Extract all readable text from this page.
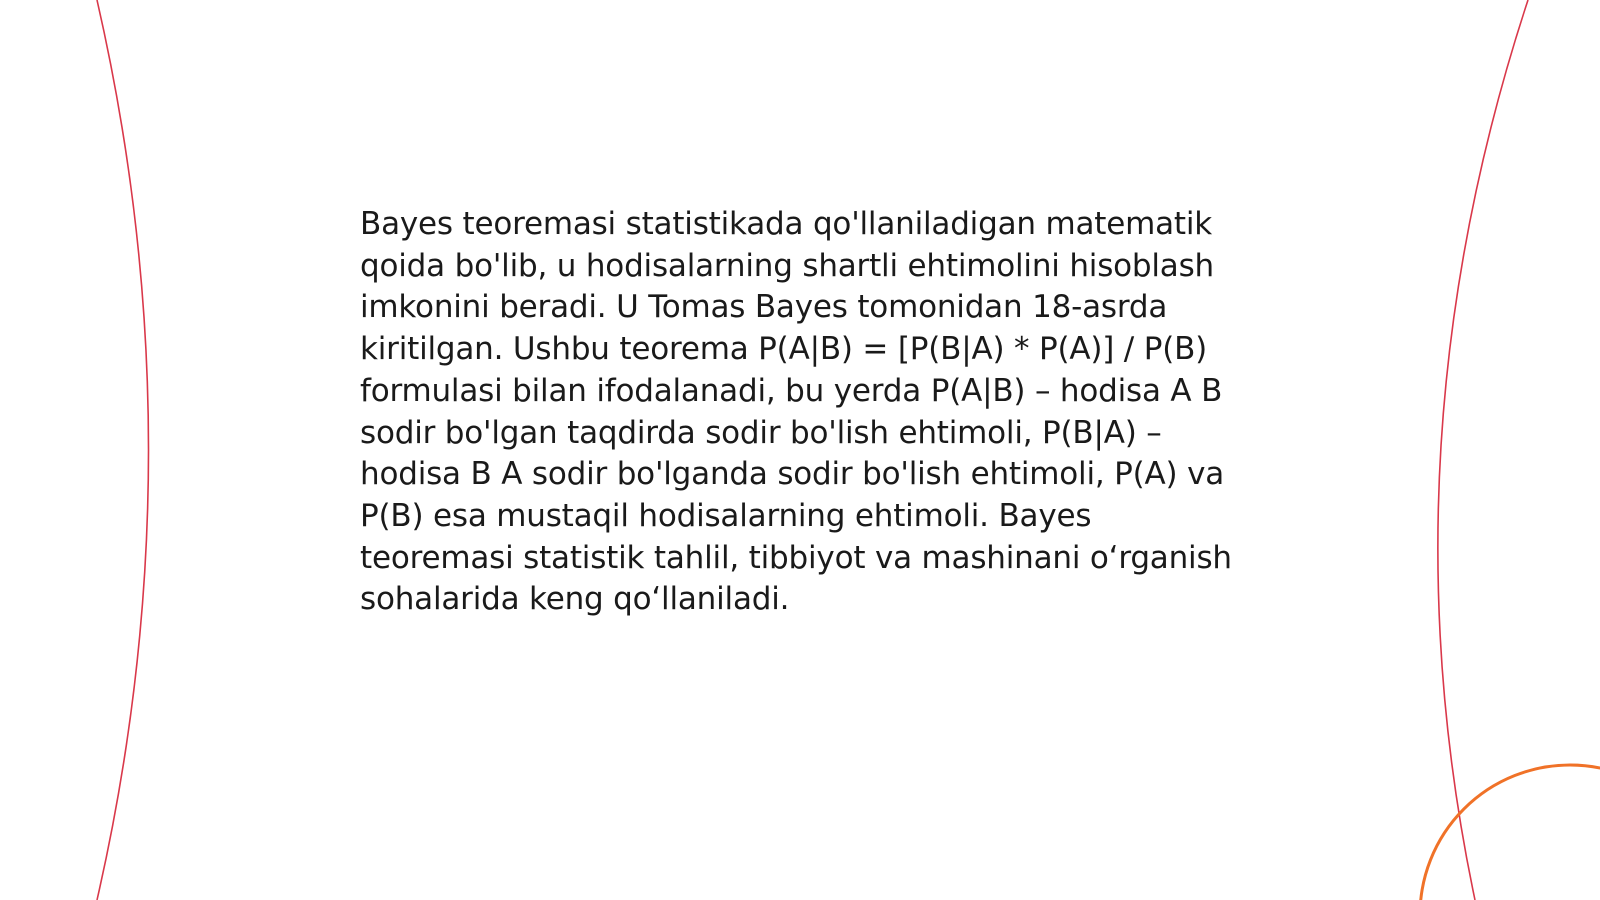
Bayes teoremasi statistikada qo'llaniladigan matematik qoida bo'lib, u hodisalarning shartli ehtimolini hisoblash imkonini beradi. U Tomas Bayes tomonidan 18-asrda kiritilgan. Ushbu teorema P(A|B) = [P(B|A) * P(A)] / P(B) formulasi bilan ifodalanadi, bu yerda P(A|B) – hodisa A B sodir bo'lgan taqdirda sodir bo'lish ehtimoli, P(B|A) – hodisa B A sodir bo'lganda sodir bo'lish ehtimoli, P(A) va P(B) esa mustaqil hodisalarning ehtimoli. Bayes teoremasi statistik tahlil, tibbiyot va mashinani oʻrganish sohalarida keng qoʻllaniladi.
